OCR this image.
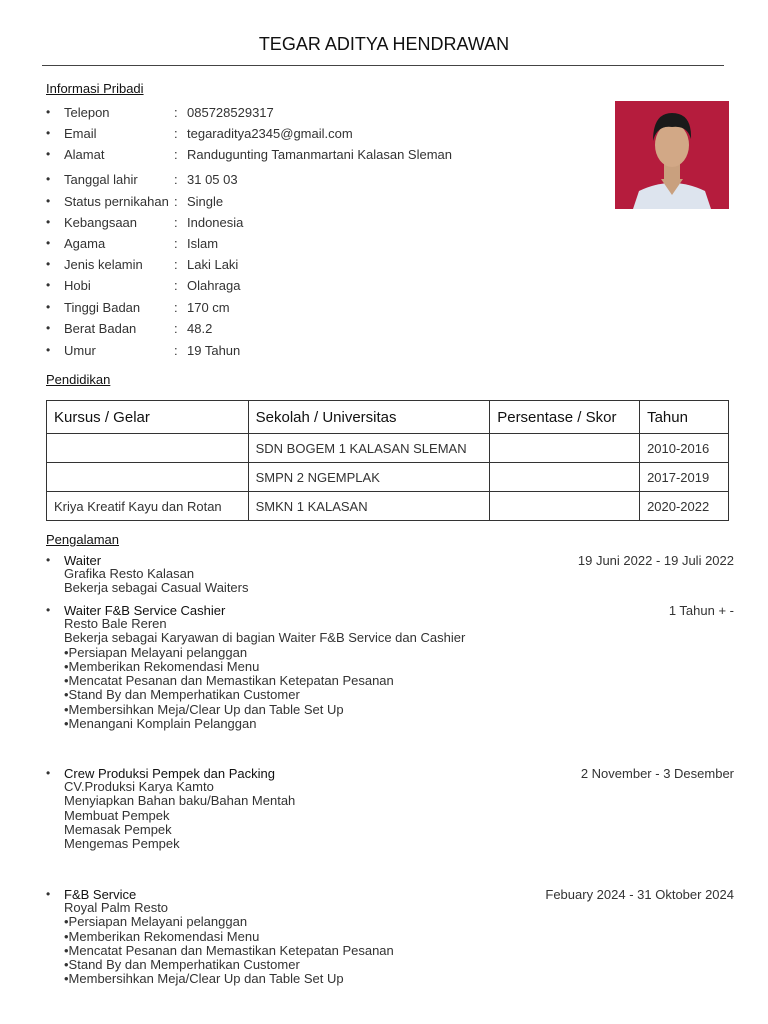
TEGAR ADITYA HENDRAWAN
Informasi Pribadi
• Telepon	: 085728529317
• Email	: tegaraditya2345@gmail.com
• Alamat	: Randugunting Tamanmartani Kalasan Sleman
• Tanggal lahir	: 31 05 03
• Status pernikahan : Single
• Kebangsaan	: Indonesia
• Agama	: Islam
• Jenis kelamin : Laki Laki
• Hobi	: Olahraga
• Tinggi Badan	: 170 cm
• Berat Badan	: 48.2
• Umur	: 19 Tahun
Pendidikan
Kursus / Gelar	Sekolah / Universitas	Persentase / Skor	Tahun
	SDN BOGEM 1 KALASAN SLEMAN		2010-2016
	SMPN 2 NGEMPLAK		2017-2019
Kriya Kreatif Kayu dan Rotan	SMKN 1 KALASAN		2020-2022
Pengalaman
• Waiter	19 Juni 2022 - 19 Juli 2022
Grafika Resto Kalasan
Bekerja sebagai Casual Waiters
• Waiter F&B Service Cashier	1 Tahun + -
Resto Bale Reren
Bekerja sebagai Karyawan di bagian Waiter F&B Service dan Cashier
•Persiapan Melayani pelanggan
•Memberikan Rekomendasi Menu
•Mencatat Pesanan dan Memastikan Ketepatan Pesanan
•Stand By dan Memperhatikan Customer
•Membersihkan Meja/Clear Up dan Table Set Up
•Menangani Komplain Pelanggan
• Crew Produksi Pempek dan Packing	2 November - 3 Desember
CV.Produksi Karya Kamto
Menyiapkan Bahan baku/Bahan Mentah
Membuat Pempek
Memasak Pempek
Mengemas Pempek
• F&B Service	Febuary 2024 - 31 Oktober 2024
Royal Palm Resto
•Persiapan Melayani pelanggan
•Memberikan Rekomendasi Menu
•Mencatat Pesanan dan Memastikan Ketepatan Pesanan
•Stand By dan Memperhatikan Customer
•Membersihkan Meja/Clear Up dan Table Set Up
